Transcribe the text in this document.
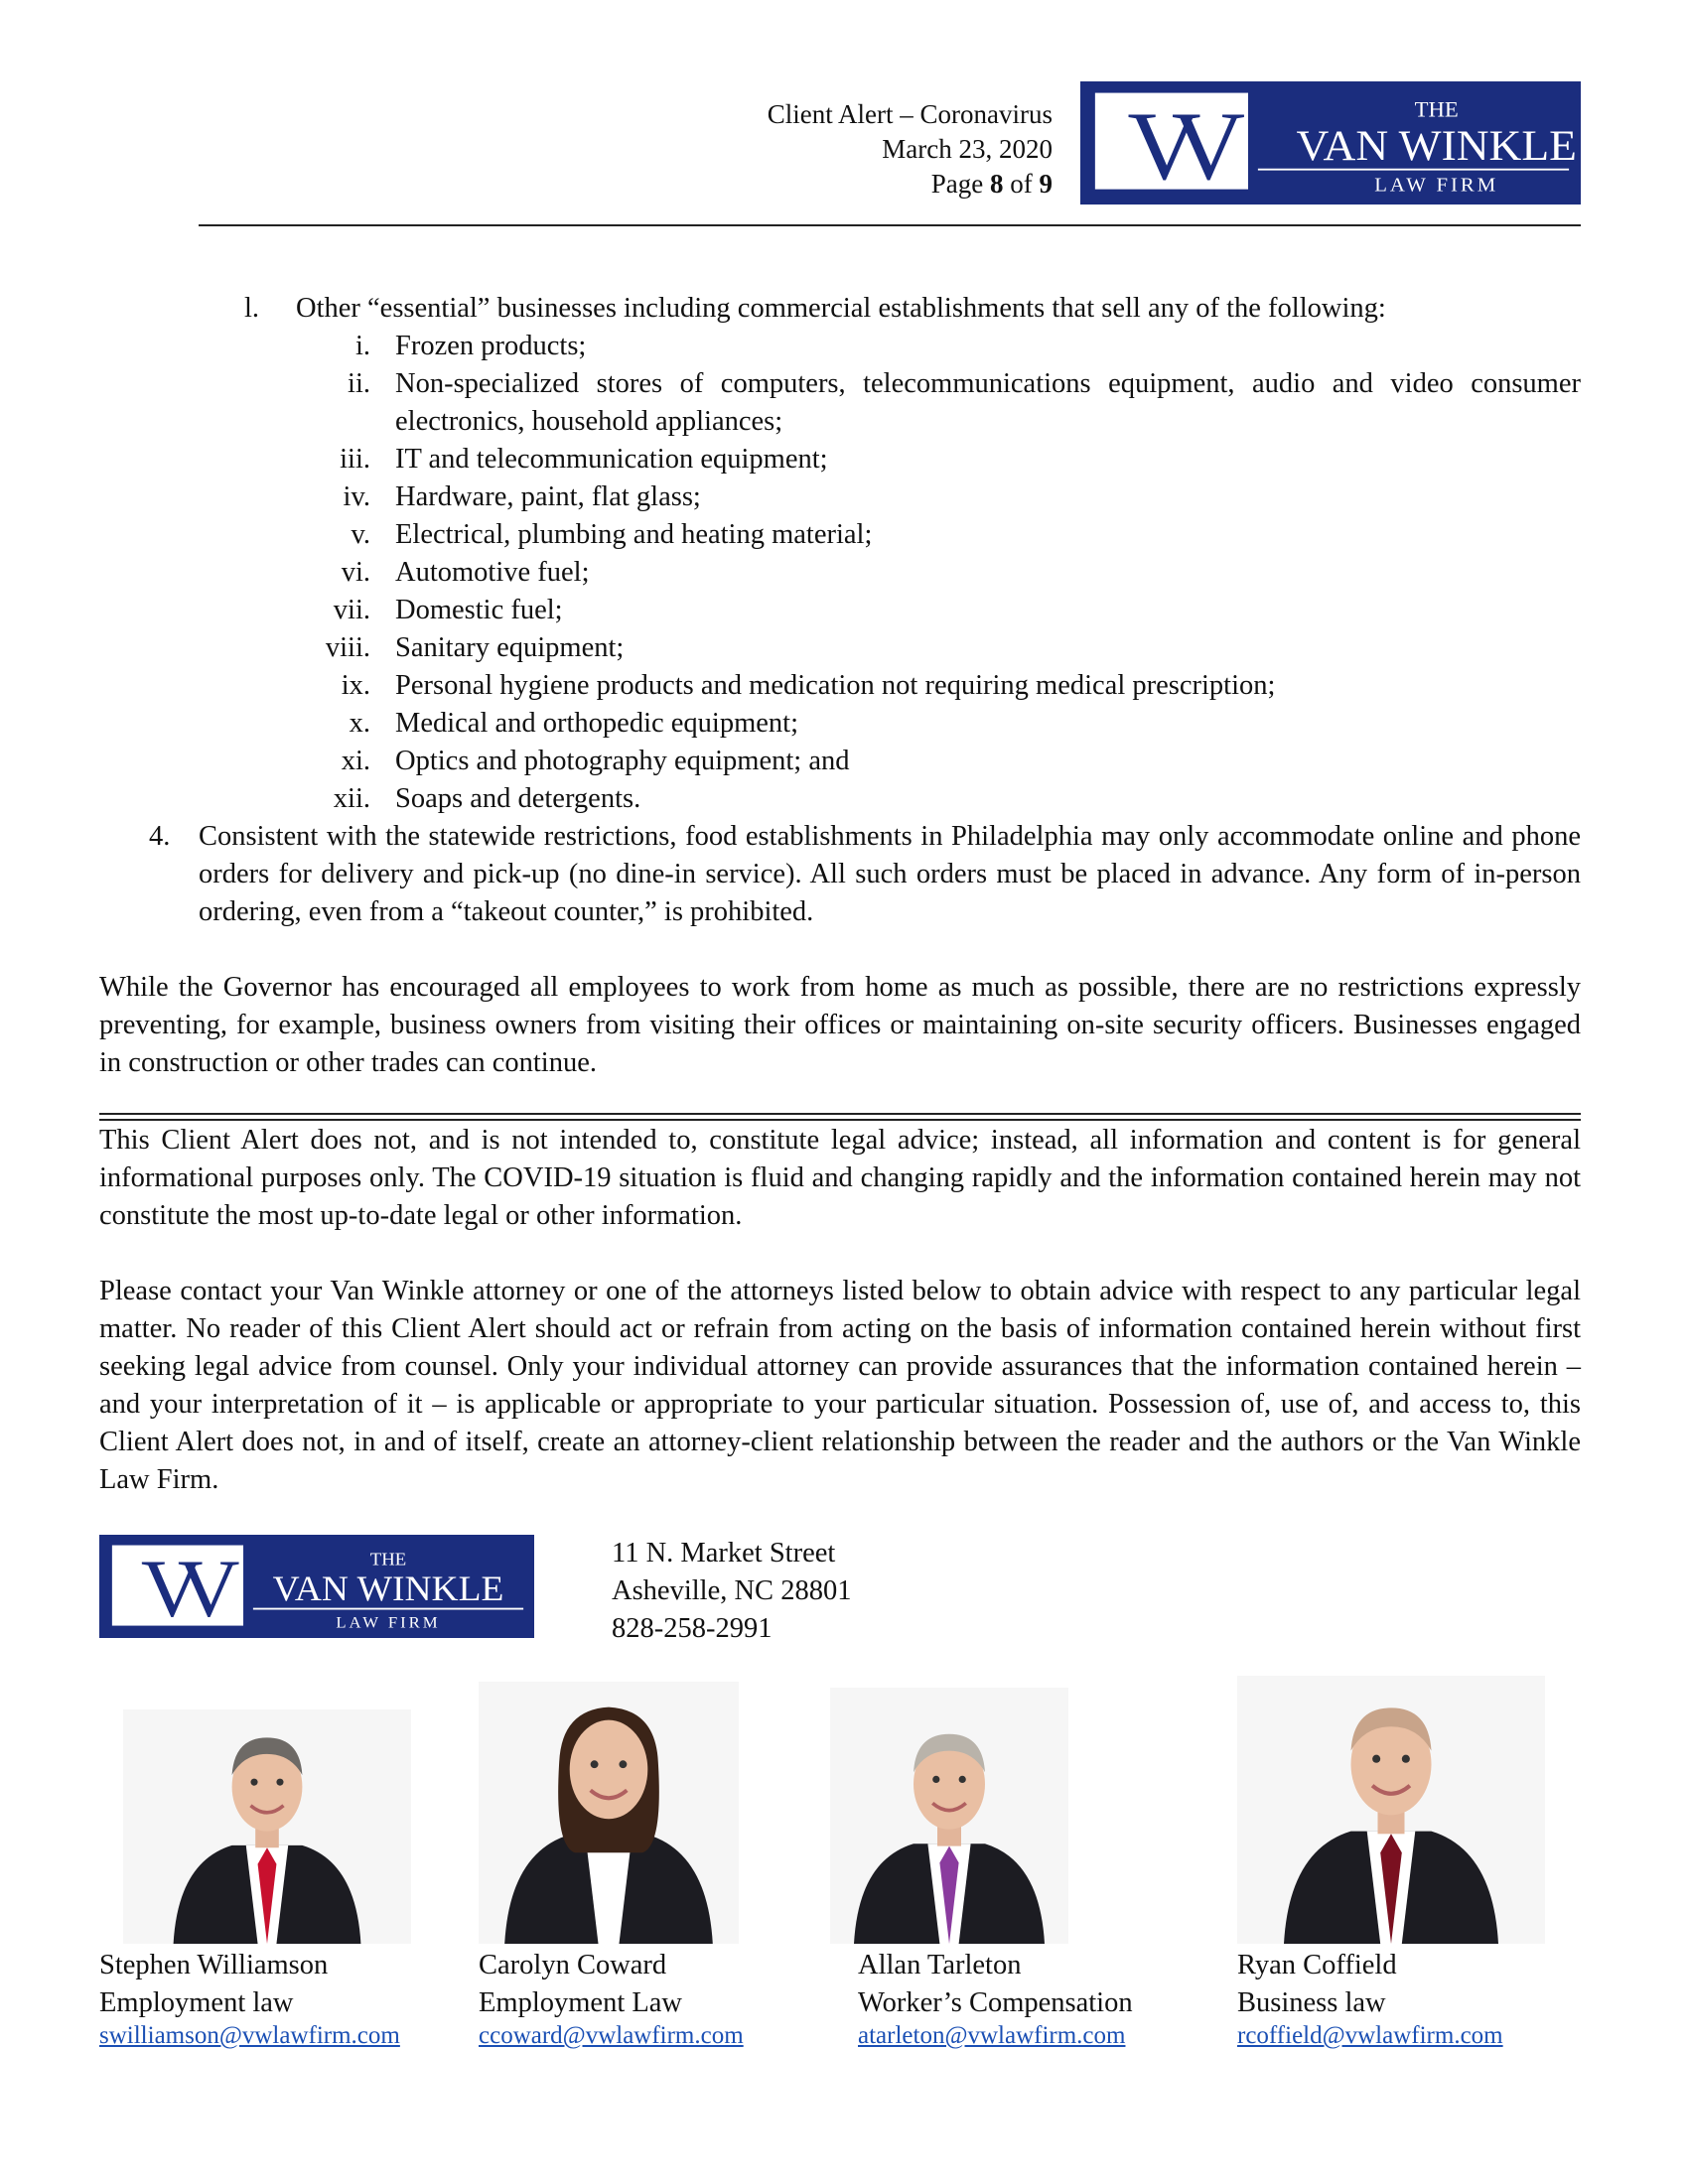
Client Alert – Coronavirus
March 23, 2020
Page 8 of 9 VV	THE
VAN WINKLE
LAW FIRM
l. Other “essential” businesses including commercial establishments that sell any of the following:
i. Frozen products;
ii. Non-specialized stores of computers, telecommunications equipment, audio and video consumer electronics, household appliances;
iii. IT and telecommunication equipment;
iv. Hardware, paint, flat glass;
v. Electrical, plumbing and heating material;
vi. Automotive fuel;
vii. Domestic fuel;
viii. Sanitary equipment;
ix. Personal hygiene products and medication not requiring medical prescription;
x. Medical and orthopedic equipment;
xi. Optics and photography equipment; and
xii. Soaps and detergents.
4. Consistent with the statewide restrictions, food establishments in Philadelphia may only accommodate online and phone orders for delivery and pick-up (no dine-in service). All such orders must be placed in advance. Any form of in-person ordering, even from a “takeout counter,” is prohibited.
While the Governor has encouraged all employees to work from home as much as possible, there are no restrictions expressly preventing, for example, business owners from visiting their offices or maintaining on-site security officers. Businesses engaged in construction or other trades can continue.
This Client Alert does not, and is not intended to, constitute legal advice; instead, all information and content is for general informational purposes only. The COVID-19 situation is fluid and changing rapidly and the information contained herein may not constitute the most up-to-date legal or other information.
Please contact your Van Winkle attorney or one of the attorneys listed below to obtain advice with respect to any particular legal matter. No reader of this Client Alert should act or refrain from acting on the basis of information contained herein without first seeking legal advice from counsel. Only your individual attorney can provide assurances that the information contained herein – and your interpretation of it – is applicable or appropriate to your particular situation. Possession of, use of, and access to, this Client Alert does not, in and of itself, create an attorney-client relationship between the reader and the authors or the Van Winkle Law Firm.
VV	THE
VAN WINKLE
LAW FIRM
11 N. Market Street
Asheville, NC 28801
828-258-2991
Stephen Williamson
Employment law
swilliamson@vwlawfirm.com
Carolyn Coward
Employment Law
ccoward@vwlawfirm.com
Allan Tarleton
Worker’s Compensation
atarleton@vwlawfirm.com
Ryan Coffield
Business law
rcoffield@vwlawfirm.com
